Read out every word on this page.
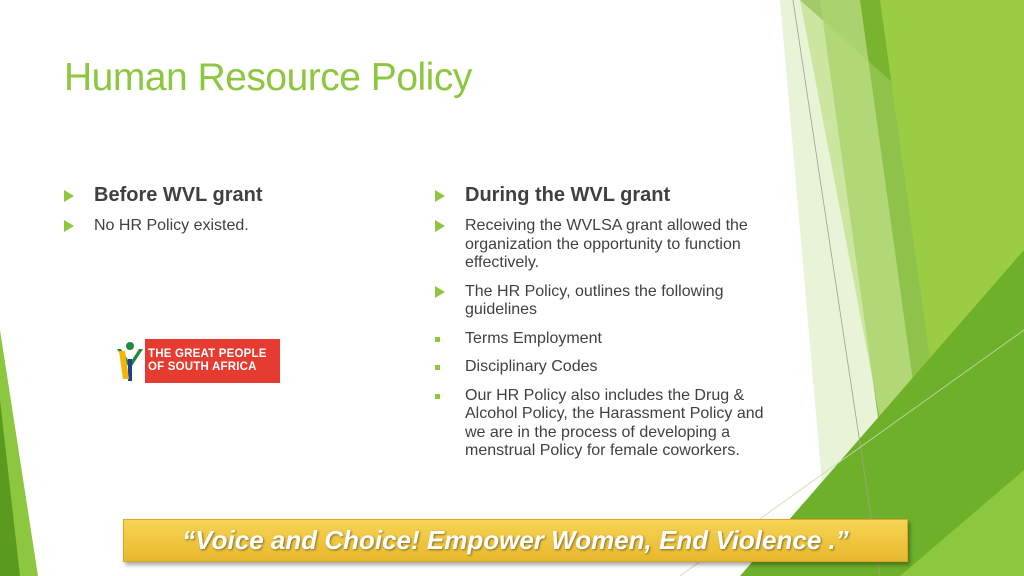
Human Resource Policy
Before WVL grant
No HR Policy existed.
During the WVL grant
Receiving the WVLSA grant allowed the organization the opportunity to function effectively.
The HR Policy, outlines the following guidelines
Terms Employment
Disciplinary Codes
Our HR Policy also includes the Drug & Alcohol Policy, the Harassment Policy and we are in the process of developing a menstrual Policy for female coworkers.
THE GREAT PEOPLE
OF SOUTH AFRICA
“Voice and Choice! Empower Women, End Violence .”
